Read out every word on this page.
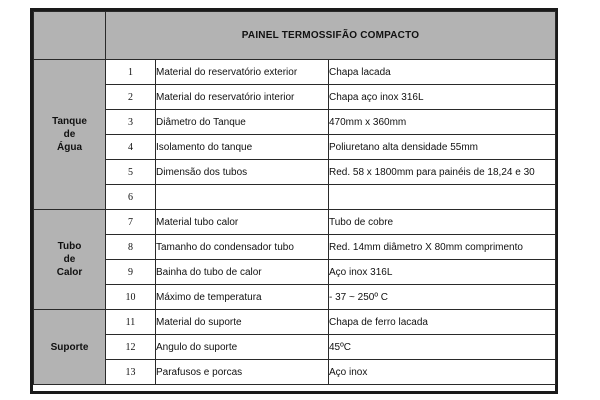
	PAINEL TERMOSSIFÃO COMPACTO		
Tanque
de
Água	1	Material do reservatório exterior	Chapa lacada
	2	Material do reservatório interior	Chapa aço inox 316L
	3	Diâmetro do Tanque	470mm x 360mm
	4	Isolamento do tanque	Poliuretano alta densidade 55mm
	5	Dimensão dos tubos	Red. 58 x 1800mm para painéis de 18,24 e 30
	6		
Tubo
de
Calor	7	Material tubo calor	Tubo de cobre
	8	Tamanho do condensador tubo	Red. 14mm diâmetro X 80mm comprimento
	9	Bainha do tubo de calor	Aço inox 316L
	10	Máximo de temperatura	- 37 ~ 250º C
Suporte	11	Material do suporte	Chapa de ferro lacada
	12	Angulo do suporte	45ºC
	13	Parafusos e porcas	Aço inox
